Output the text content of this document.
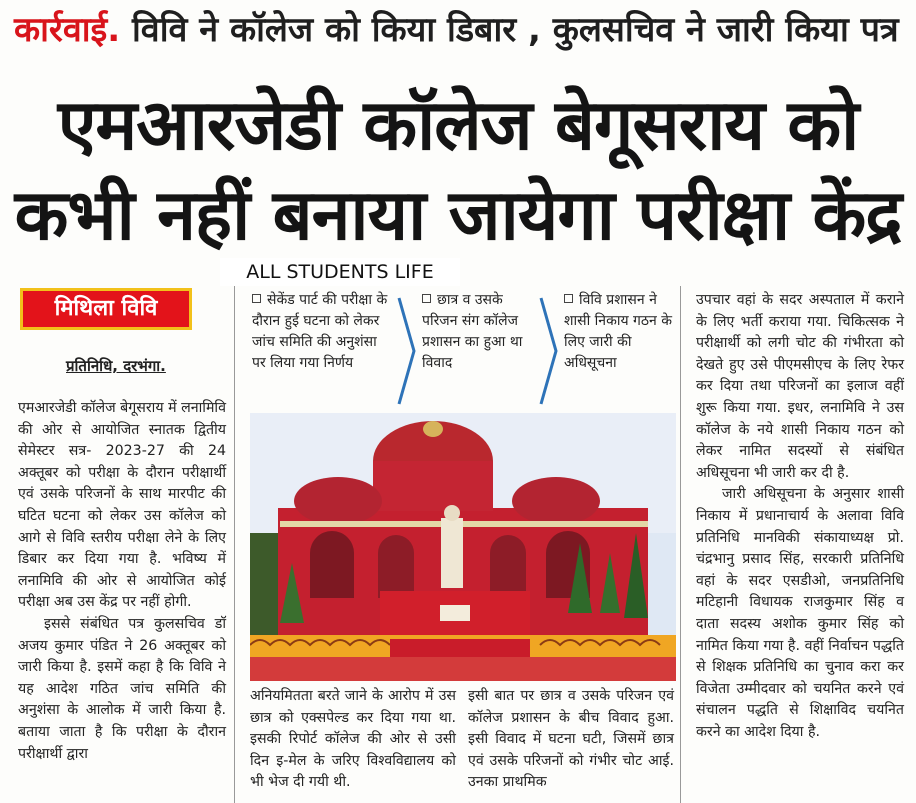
कार्रवाई. विवि ने कॉलेज को किया डिबार , कुलसचिव ने जारी किया पत्र
एमआरजेडी कॉलेज बेगूसराय को
कभी नहीं बनाया जायेगा परीक्षा केंद्र
ALL STUDENTS LIFE
मिथिला विवि
प्रतिनिधि, दरभंगा.

एमआरजेडी कॉलेज बेगूसराय में लनामिवि की ओर से आयोजित स्नातक द्वितीय सेमेस्टर सत्र- 2023-27 की 24 अक्तूबर को परीक्षा के दौरान परीक्षार्थी एवं उसके परिजनों के साथ मारपीट की घटित घटना को लेकर उस कॉलेज को आगे से विवि स्तरीय परीक्षा लेने के लिए डिबार कर दिया गया है. भविष्य में लनामिवि की ओर से आयोजित कोई परीक्षा अब उस केंद्र पर नहीं होगी.

इससे संबंधित पत्र कुलसचिव डॉ अजय कुमार पंडित ने 26 अक्तूबर को जारी किया है. इसमें कहा है कि विवि ने यह आदेश गठित जांच समिति की अनुशंसा के आलोक में जारी किया है. बताया जाता है कि परीक्षा के दौरान परीक्षार्थी द्वारा

सेकेंड पार्ट की परीक्षा के दौरान हुई घटना को लेकर जांच समिति की अनुशंसा पर लिया गया निर्णय
छात्र व उसके परिजन संग कॉलेज प्रशासन का हुआ था विवाद
विवि प्रशासन ने शासी निकाय गठन के लिए जारी की अधिसूचना
अनियमितता बरते जाने के आरोप में उस छात्र को एक्सपेल्ड कर दिया गया था. इसकी रिपोर्ट कॉलेज की ओर से उसी दिन इ-मेल के जरिए विश्वविद्यालय को भी भेज दी गयी थी.
इसी बात पर छात्र व उसके परिजन एवं कॉलेज प्रशासन के बीच विवाद हुआ. इसी विवाद में घटना घटी, जिसमें छात्र एवं उसके परिजनों को गंभीर चोट आई. उनका प्राथमिक

उपचार वहां के सदर अस्पताल में कराने के लिए भर्ती कराया गया. चिकित्सक ने परीक्षार्थी को लगी चोट की गंभीरता को देखते हुए उसे पीएमसीएच के लिए रेफर कर दिया तथा परिजनों का इलाज वहीं शुरू किया गया. इधर, लनामिवि ने उस कॉलेज के नये शासी निकाय गठन को लेकर नामित सदस्यों से संबंधित अधिसूचना भी जारी कर दी है.

जारी अधिसूचना के अनुसार शासी निकाय में प्रधानाचार्य के अलावा विवि प्रतिनिधि मानविकी संकायाध्यक्ष प्रो. चंद्रभानु प्रसाद सिंह, सरकारी प्रतिनिधि वहां के सदर एसडीओ, जनप्रतिनिधि मटिहानी विधायक राजकुमार सिंह व दाता सदस्य अशोक कुमार सिंह को नामित किया गया है. वहीं निर्वाचन पद्धति से शिक्षक प्रतिनिधि का चुनाव करा कर विजेता उम्मीदवार को चयनित करने एवं संचालन पद्धति से शिक्षाविद चयनित करने का आदेश दिया है.
